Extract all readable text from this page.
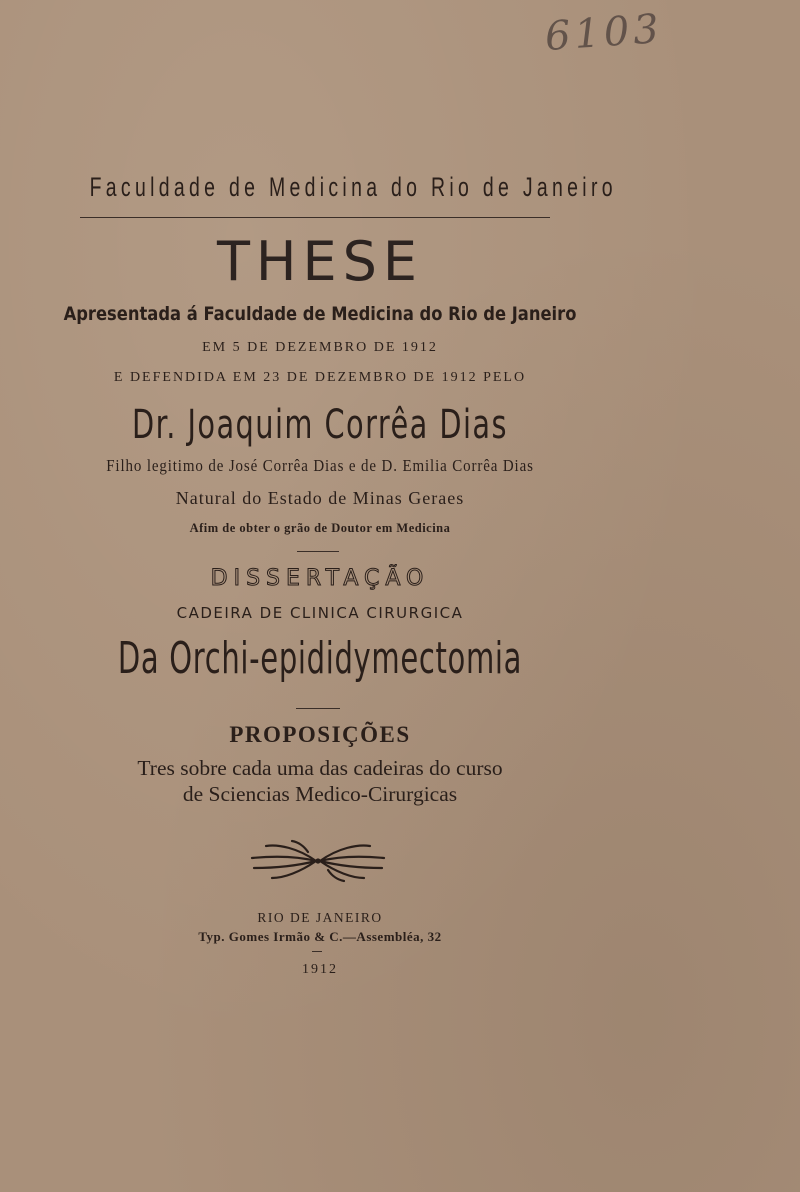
6103
Faculdade de Medicina do Rio de Janeiro
THESE
Apresentada á Faculdade de Medicina do Rio de Janeiro
EM 5 DE DEZEMBRO DE 1912
E DEFENDIDA EM 23 DE DEZEMBRO DE 1912 PELO
Dr. Joaquim Corrêa Dias
Filho legitimo de José Corrêa Dias e de D. Emilia Corrêa Dias
Natural do Estado de Minas Geraes
Afim de obter o grão de Doutor em Medicina
DISSERTAÇÃO
CADEIRA DE CLINICA CIRURGICA
Da Orchi-epididymectomia
PROPOSIÇÕES
Tres sobre cada uma das cadeiras do curso
de Sciencias Medico-Cirurgicas
RIO DE JANEIRO
Typ. Gomes Irmão & C.—Assembléa, 32
1912
